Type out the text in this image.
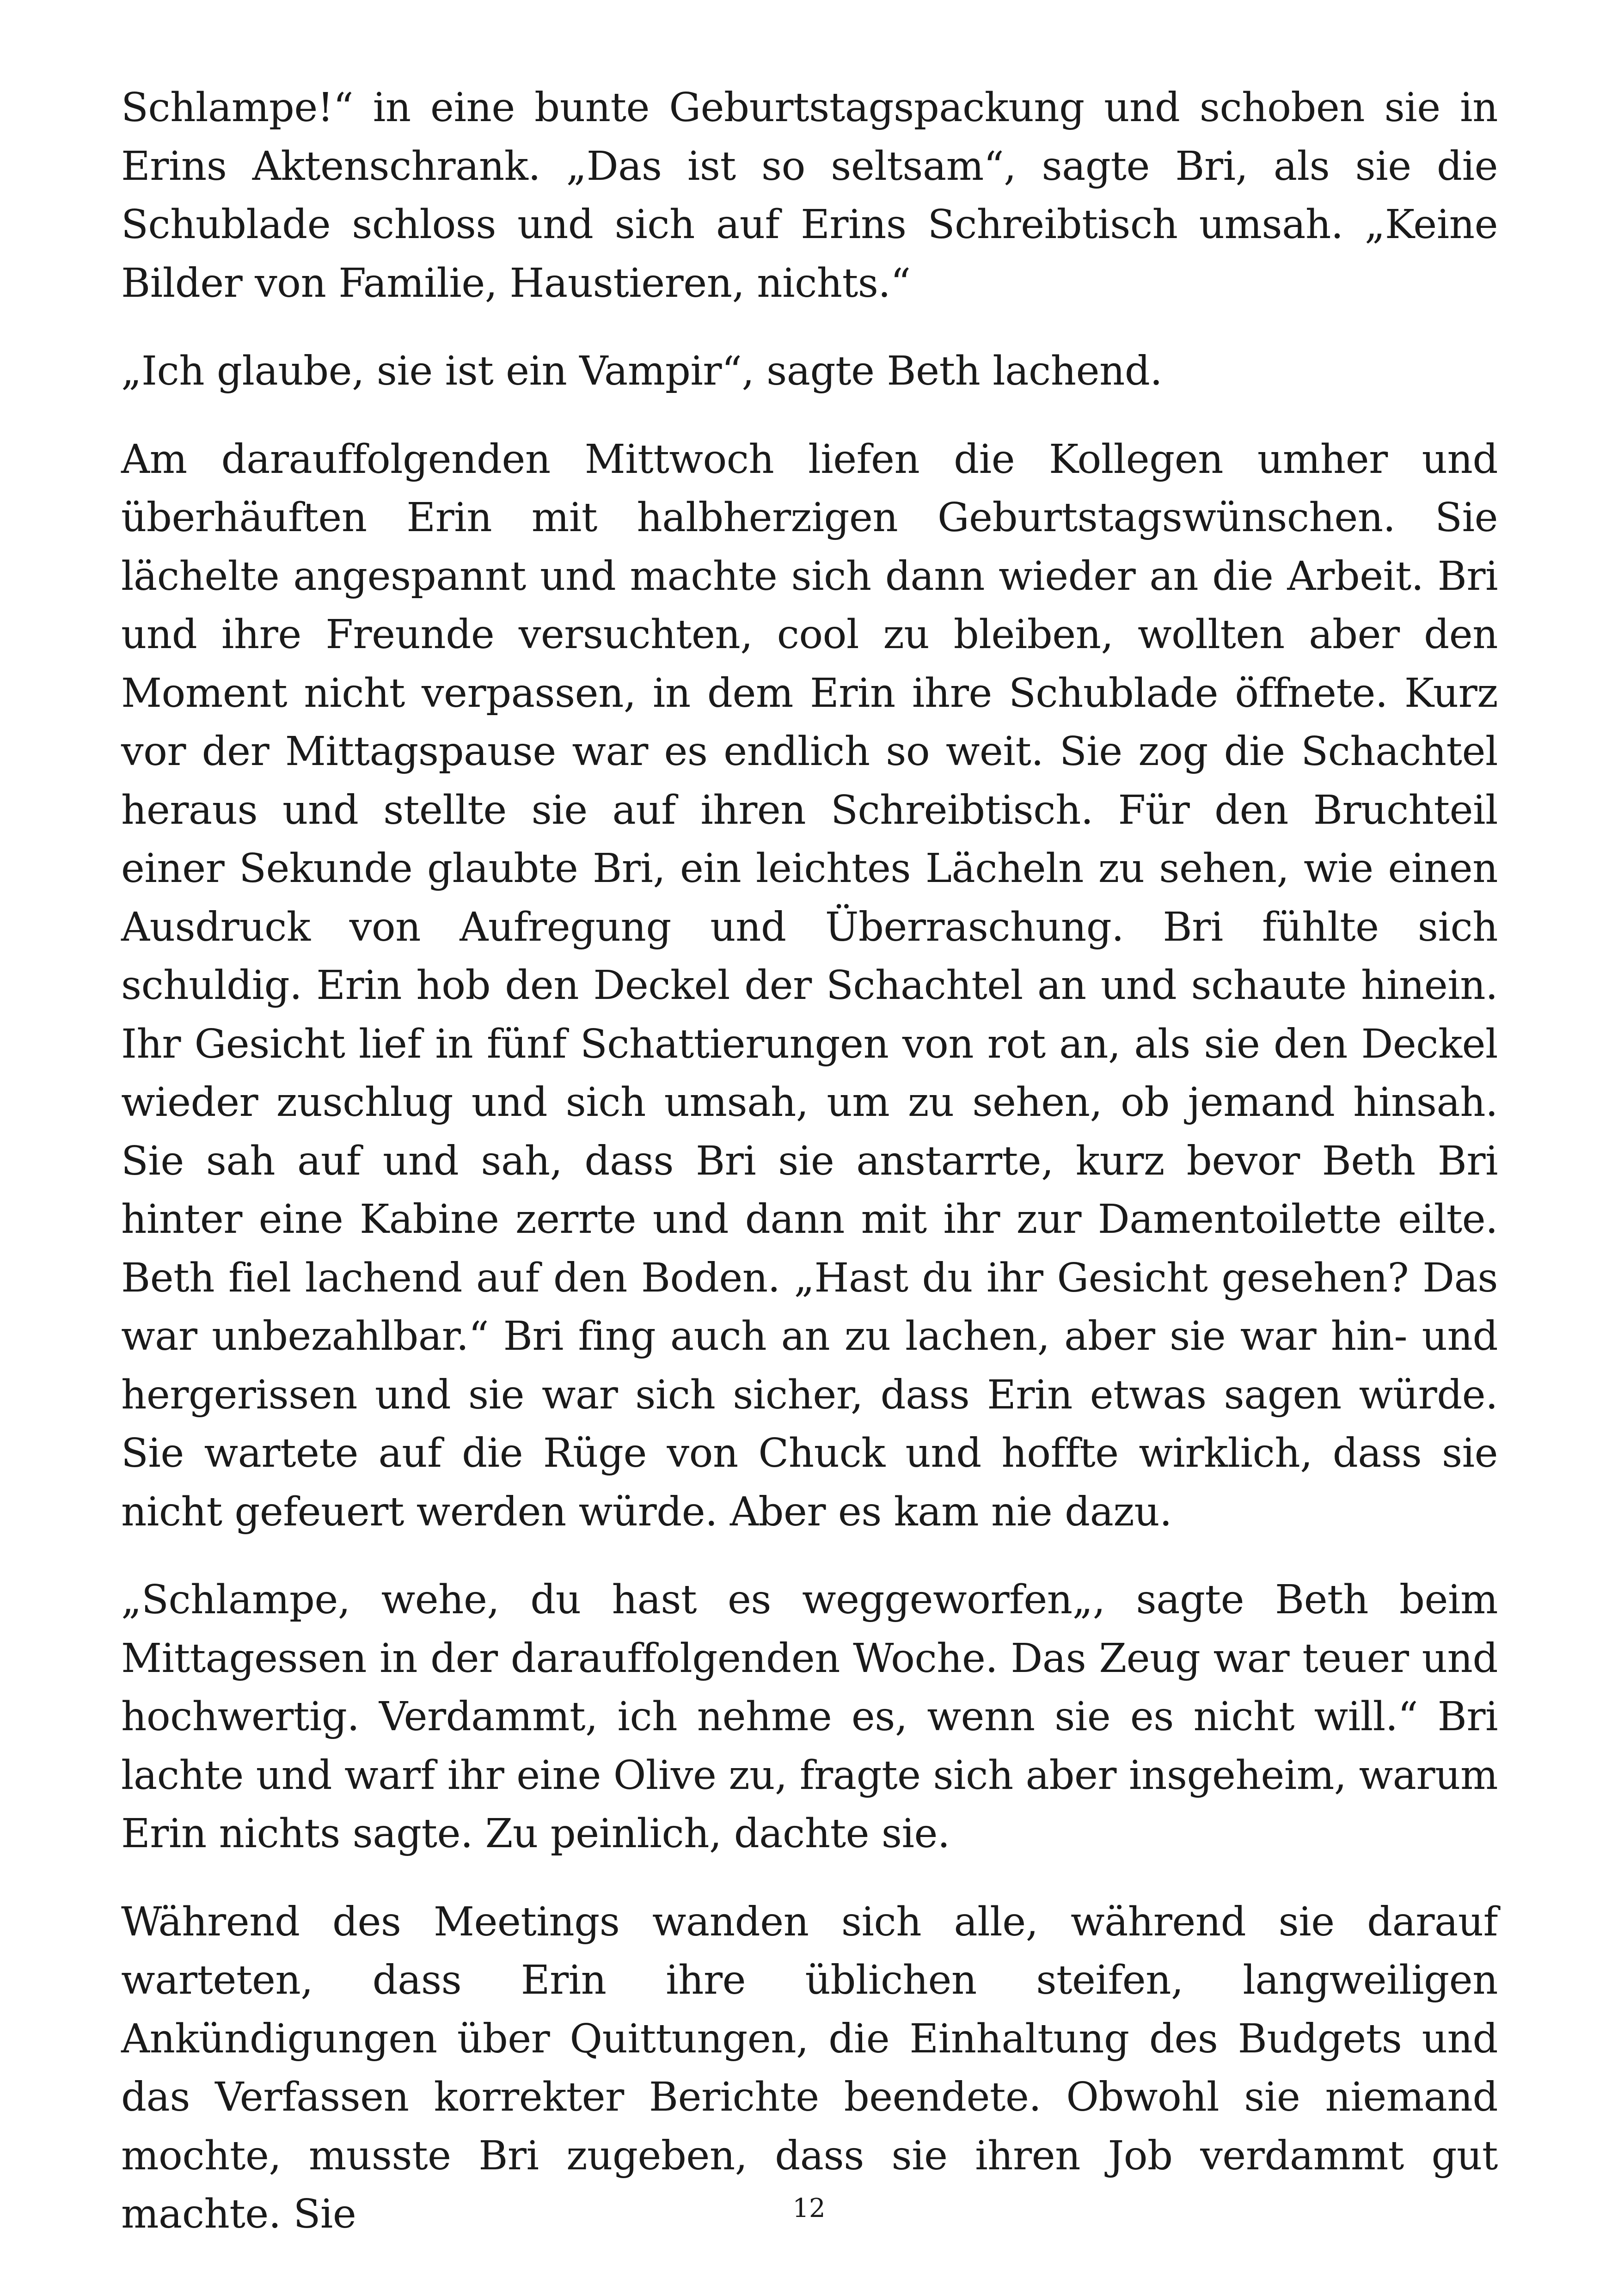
Schlampe!“ in eine bunte Geburtstagspackung und schoben sie in Erins Aktenschrank. „Das ist so seltsam“, sagte Bri, als sie die Schublade schloss und sich auf Erins Schreibtisch umsah. „Keine Bilder von Familie, Haustieren, nichts.“

„Ich glaube, sie ist ein Vampir“, sagte Beth lachend.

Am darauffolgenden Mittwoch liefen die Kollegen umher und überhäuften Erin mit halbherzigen Geburtstagswünschen. Sie lächelte angespannt und machte sich dann wieder an die Arbeit. Bri und ihre Freunde versuchten, cool zu bleiben, wollten aber den Moment nicht verpassen, in dem Erin ihre Schublade öffnete. Kurz vor der Mittagspause war es endlich so weit. Sie zog die Schachtel heraus und stellte sie auf ihren Schreibtisch. Für den Bruchteil einer Sekunde glaubte Bri, ein leichtes Lächeln zu sehen, wie einen Ausdruck von Aufregung und Überraschung. Bri fühlte sich schuldig. Erin hob den Deckel der Schachtel an und schaute hinein. Ihr Gesicht lief in fünf Schattierungen von rot an, als sie den Deckel wieder zuschlug und sich umsah, um zu sehen, ob jemand hinsah. Sie sah auf und sah, dass Bri sie anstarrte, kurz bevor Beth Bri hinter eine Kabine zerrte und dann mit ihr zur Damentoilette eilte. Beth fiel lachend auf den Boden. „Hast du ihr Gesicht gesehen? Das war unbezahlbar.“ Bri fing auch an zu lachen, aber sie war hin- und hergerissen und sie war sich sicher, dass Erin etwas sagen würde. Sie wartete auf die Rüge von Chuck und hoffte wirklich, dass sie nicht gefeuert werden würde. Aber es kam nie dazu.

„Schlampe, wehe, du hast es weggeworfen„, sagte Beth beim Mittagessen in der darauffolgenden Woche. Das Zeug war teuer und hochwertig. Verdammt, ich nehme es, wenn sie es nicht will.“ Bri lachte und warf ihr eine Olive zu, fragte sich aber insgeheim, warum Erin nichts sagte. Zu peinlich, dachte sie.

Während des Meetings wanden sich alle, während sie darauf warteten, dass Erin ihre üblichen steifen, langweiligen Ankündigungen über Quittungen, die Einhaltung des Budgets und das Verfassen korrekter Berichte beendete. Obwohl sie niemand mochte, musste Bri zugeben, dass sie ihren Job verdammt gut machte. Sie	12
